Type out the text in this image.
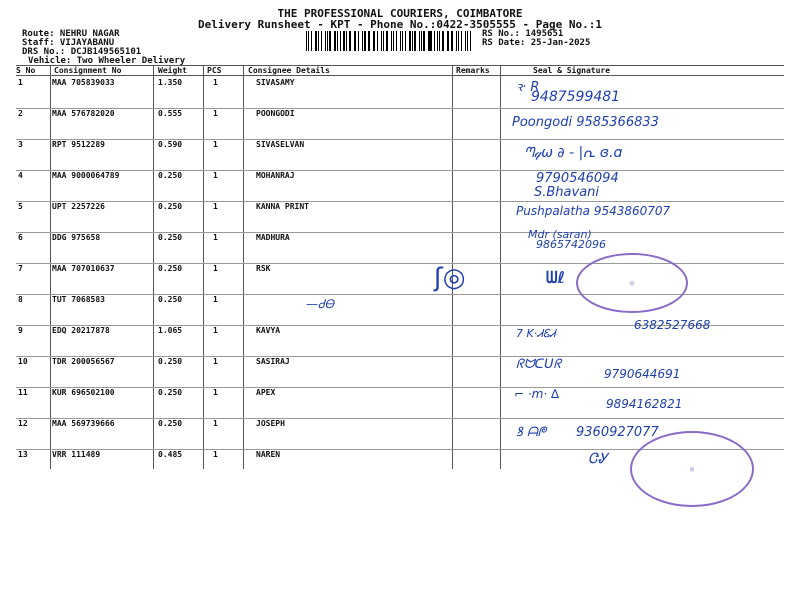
THE PROFESSIONAL COURIERS, COIMBATORE
Delivery Runsheet - KPT - Phone No.:0422-3505555 - Page No.:1
Route: NEHRU NAGAR
Staff: VIJAYABANU
DRS No.: DCJB149565101
Vehicle: Two Wheeler Delivery
RS No.: 1495651
RS Date: 25-Jan-2025
S No Consignment No	Weight	PCS	Consignee Details	Remarks	Seal & Signature
1	MAA 705839033	1.350	1	SIVASAMY
2	MAA 576782020	0.555	1	POONGODI
3	RPT 9512289	0.590	1	SIVASELVAN
4	MAA 9000064789	0.250	1	MOHANRAJ
5	UPT 2257226	0.250	1	KANNA PRINT
6	DDG 975658	0.250	1	MADHURA
7	MAA 707010637	0.250	1	RSK
8	TUT 7068583	0.250	1
9	EDQ 20217878	1.065	1	KAVYA
10	TDR 200056567	0.250	1	SASIRAJ
11	KUR 696502100	0.250	1	APEX
12	MAA 569739666	0.250	1	JOSEPH
13	VRR 111489	0.485	1	NAREN
ꝛ· R
9487599481
Poongodi 9585366833
ᘉ𝓆ω ∂ - |ᕆ ɞ.ɑ
9790546094
S.Bhavani
Pushpalatha 9543860707
Mdr (saran)
9865742096
ᗯℓ
ʃ◎
—ᏧᎾ
6382527668
7 K·ᏗᏋᏗ
ᖇᗢᑕᑌᖇ
9790644691
⌐ ·m· ∆
9894162821
ꝸ ᗩᖘ 9360927077
ᏣᎽ
◎
◎
